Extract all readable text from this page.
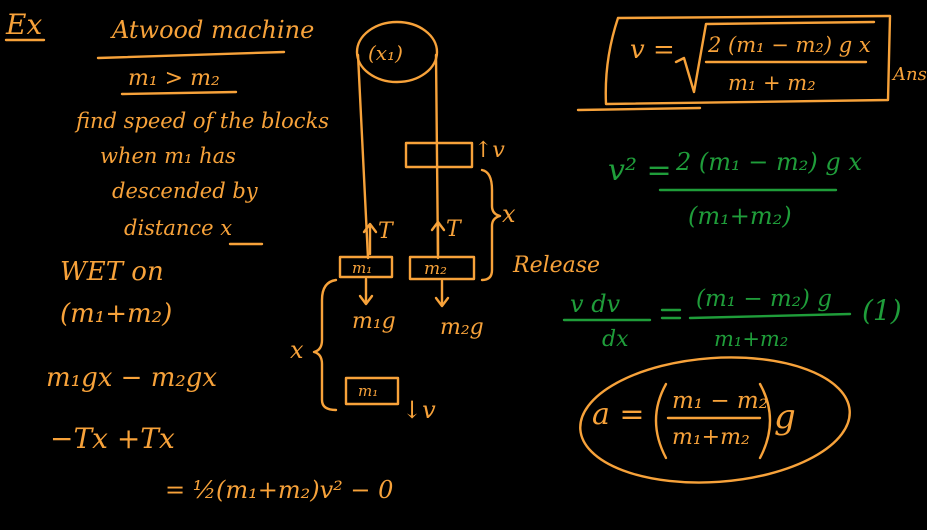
Ex	Atwood machine
m₁ > m₂
find speed of the blocks
when m₁ has
descended by
distance x
WET on
(m₁+m₂)
m₁gx − m₂gx
−Tx +Tx
= ½(m₁+m₂)v² − 0
(x₁)
↑v
T T
x
m₁	m₂	Release
m₁g m₂g
x
m₁
↓v
v = 2 (m₁ − m₂) g x
m₁ + m₂	Ans
v² = 2 (m₁ − m₂) g x
(m₁+m₂)
v dv
dx
(m₁ − m₂) g
m₁+m₂
(1)
a = m₁ − m₂
m₁+m₂
g
